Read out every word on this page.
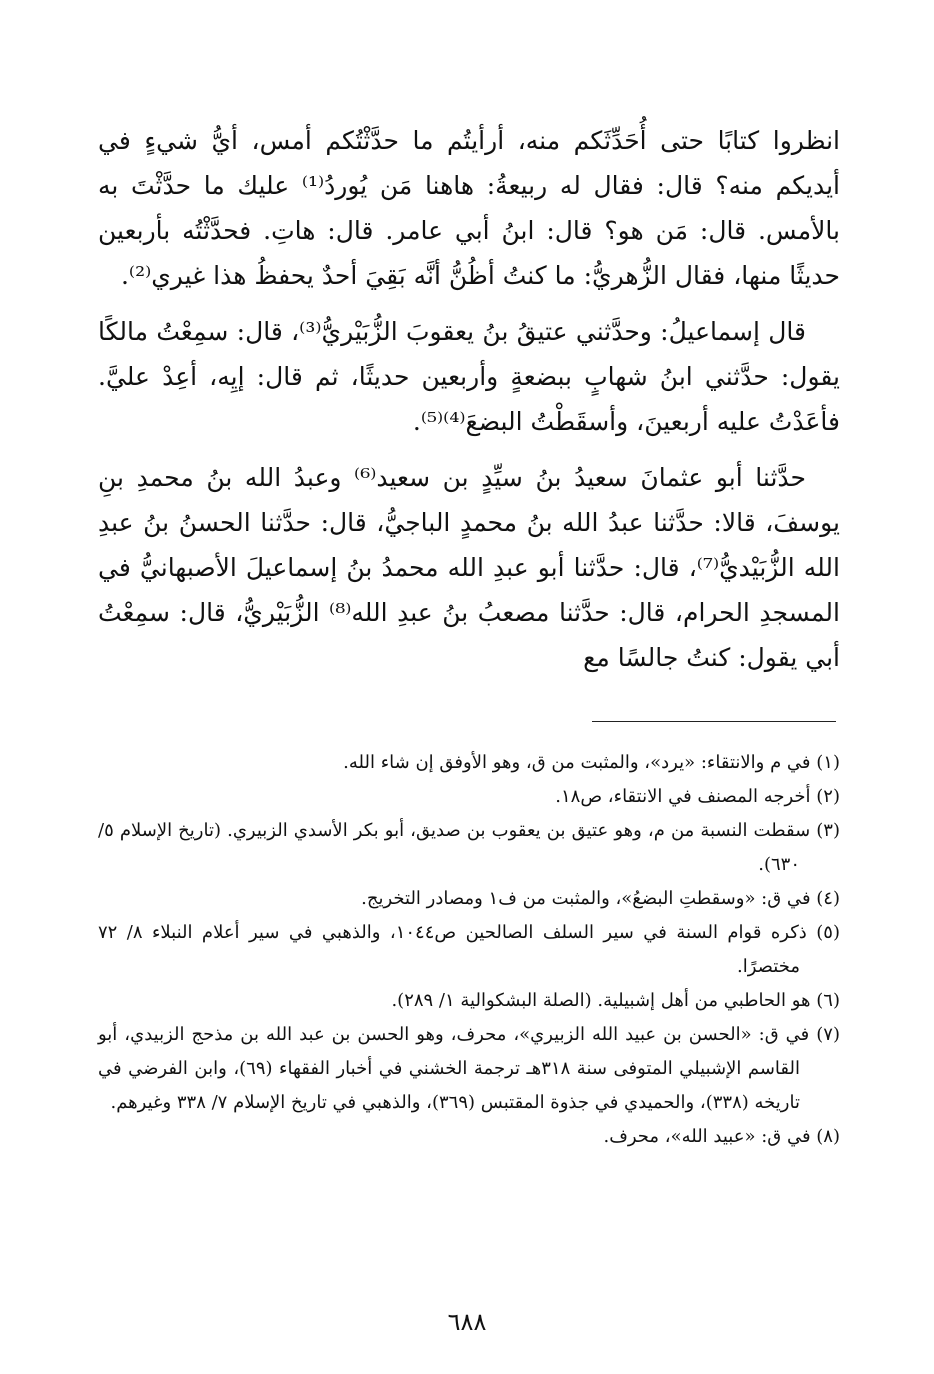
انظروا كتابًا حتى أُحَدِّثَكم منه، أرأيتُم ما حدَّثْتُكم أمس، أيُّ شيءٍ في أيديكم منه؟ قال: فقال له ربيعةُ: هاهنا مَن يُوردُ⁽¹⁾ عليك ما حدَّثْتَ به بالأمس. قال: مَن هو؟ قال: ابنُ أبي عامر. قال: هاتِ. فحدَّثْتُه بأربعين حديثًا منها، فقال الزُّهريُّ: ما كنتُ أظُنُّ أنَّه بَقِيَ أحدٌ يحفظُ هذا غيري⁽²⁾.

قال إسماعيلُ: وحدَّثني عتيقُ بنُ يعقوبَ الزُّبَيْريُّ⁽³⁾، قال: سمِعْتُ مالكًا يقول: حدَّثني ابنُ شهابٍ ببضعةٍ وأربعين حديثًا، ثم قال: إيِه، أعِدْ عليَّ. فأعَدْتُ عليه أربعينَ، وأسقَطْتُ البضعَ⁽⁴⁾⁽⁵⁾.

حدَّثنا أبو عثمانَ سعيدُ بنُ سيِّدٍ بن سعيد⁽⁶⁾ وعبدُ الله بنُ محمدِ بنِ يوسفَ، قالا: حدَّثنا عبدُ الله بنُ محمدٍ الباجيُّ، قال: حدَّثنا الحسنُ بنُ عبدِ الله الزُّبَيْديُّ⁽⁷⁾، قال: حدَّثنا أبو عبدِ الله محمدُ بنُ إسماعيلَ الأصبهانيُّ في المسجدِ الحرام، قال: حدَّثنا مصعبُ بنُ عبدِ الله⁽⁸⁾ الزُّبَيْريُّ، قال: سمِعْتُ أبي يقول: كنتُ جالسًا مع

(١) في م والانتقاء: «يرد»، والمثبت من ق، وهو الأوفق إن شاء الله.
(٢) أخرجه المصنف في الانتقاء، ص١٨.
(٣) سقطت النسبة من م، وهو عتيق بن يعقوب بن صديق، أبو بكر الأسدي الزبيري. (تاريخ الإسلام ٥/ ٦٣٠).
(٤) في ق: «وسقطتِ البضعُ»، والمثبت من ف١ ومصادر التخريج.
(٥) ذكره قوام السنة في سير السلف الصالحين ص١٠٤٤، والذهبي في سير أعلام النبلاء ٨/ ٧٢ مختصرًا.
(٦) هو الحاطبي من أهل إشبيلية. (الصلة البشكوالية ١/ ٢٨٩).
(٧) في ق: «الحسن بن عبيد الله الزبيري»، محرف، وهو الحسن بن عبد الله بن مذحج الزبيدي، أبو القاسم الإشبيلي المتوفى سنة ٣١٨هـ ترجمة الخشني في أخبار الفقهاء (٦٩)، وابن الفرضي في تاريخه (٣٣٨)، والحميدي في جذوة المقتبس (٣٦٩)، والذهبي في تاريخ الإسلام ٧/ ٣٣٨ وغيرهم.
(٨) في ق: «عبيد الله»، محرف.
٦٨٨
